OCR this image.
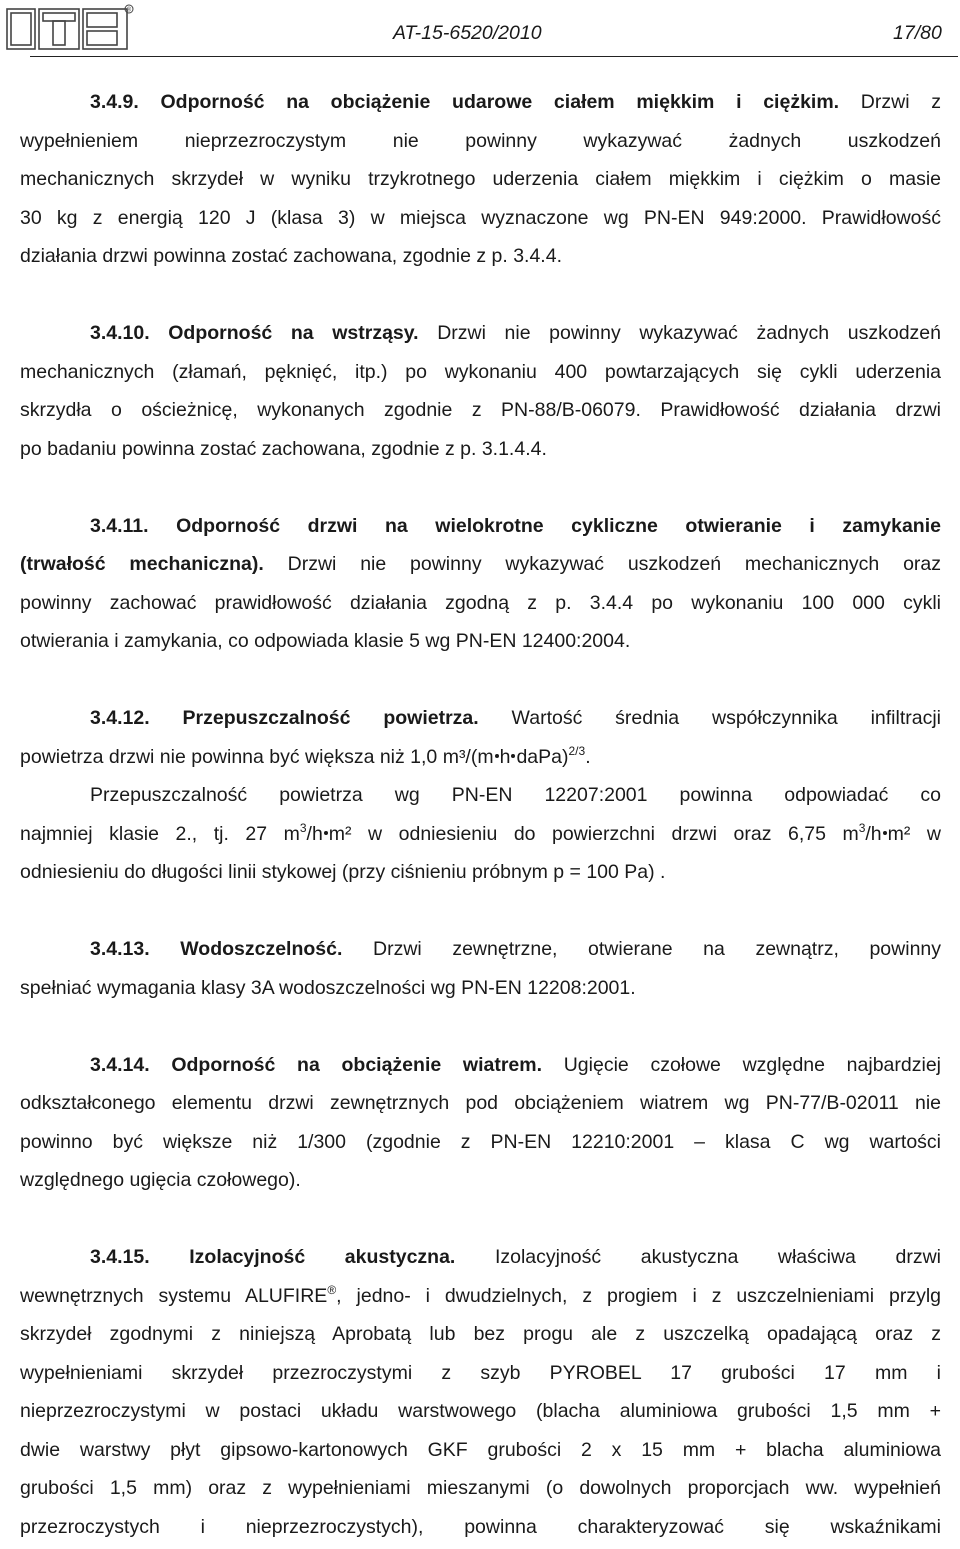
®
AT-15-6520/2010	17/80
3.4.9. Odporność na obciążenie udarowe ciałem miękkim i ciężkim. Drzwi z
wypełnieniem nieprzezroczystym nie powinny wykazywać żadnych uszkodzeń
mechanicznych skrzydeł w wyniku trzykrotnego uderzenia ciałem miękkim i ciężkim o masie
30 kg z energią 120 J (klasa 3) w miejsca wyznaczone wg PN-EN 949:2000. Prawidłowość
działania drzwi powinna zostać zachowana, zgodnie z p. 3.4.4.
3.4.10. Odporność na wstrząsy. Drzwi nie powinny wykazywać żadnych uszkodzeń
mechanicznych (złamań, pęknięć, itp.) po wykonaniu 400 powtarzających się cykli uderzenia
skrzydła o ościeżnicę, wykonanych zgodnie z PN-88/B-06079. Prawidłowość działania drzwi
po badaniu powinna zostać zachowana, zgodnie z p. 3.1.4.4.
3.4.11. Odporność drzwi na wielokrotne cykliczne otwieranie i zamykanie
(trwałość mechaniczna). Drzwi nie powinny wykazywać uszkodzeń mechanicznych oraz
powinny zachować prawidłowość działania zgodną z p. 3.4.4 po wykonaniu 100 000 cykli
otwierania i zamykania, co odpowiada klasie 5 wg PN-EN 12400:2004.
3.4.12. Przepuszczalność powietrza. Wartość średnia współczynnika infiltracji
powietrza drzwi nie powinna być większa niż 1,0 m³/(m h daPa)$^{2/3}$.
Przepuszczalność powietrza wg PN-EN 12207:2001 powinna odpowiadać co
najmniej klasie 2., tj. 27 $m^3/h$ m² w odniesieniu do powierzchni drzwi oraz 6,75 $m^3/h$ m² w
odniesieniu do długości linii stykowej (przy ciśnieniu próbnym p = 100 Pa) .
3.4.13. Wodoszczelność. Drzwi zewnętrzne, otwierane na zewnątrz, powinny
spełniać wymagania klasy 3A wodoszczelności wg PN-EN 12208:2001.
3.4.14. Odporność na obciążenie wiatrem. Ugięcie czołowe względne najbardziej
odkształconego elementu drzwi zewnętrznych pod obciążeniem wiatrem wg PN-77/B-02011 nie
powinno być większe niż 1/300 (zgodnie z PN-EN 12210:2001 – klasa C wg wartości
względnego ugięcia czołowego).
3.4.15. Izolacyjność akustyczna. Izolacyjność akustyczna właściwa drzwi
wewnętrznych systemu ALUFIRE®, jedno- i dwudzielnych, z progiem i z uszczelnieniami przylg
skrzydeł zgodnymi z niniejszą Aprobatą lub bez progu ale z uszczelką opadającą oraz z
wypełnieniami skrzydeł przezroczystymi z szyb PYROBEL 17 grubości 17 mm i
nieprzezroczystymi w postaci układu warstwowego (blacha aluminiowa grubości 1,5 mm +
dwie warstwy płyt gipsowo-kartonowych GKF grubości 2 x 15 mm + blacha aluminiowa
grubości 1,5 mm) oraz z wypełnieniami mieszanymi (o dowolnych proporcjach ww. wypełnień
przezroczystych i nieprzezroczystych), powinna charakteryzować się wskaźnikami
